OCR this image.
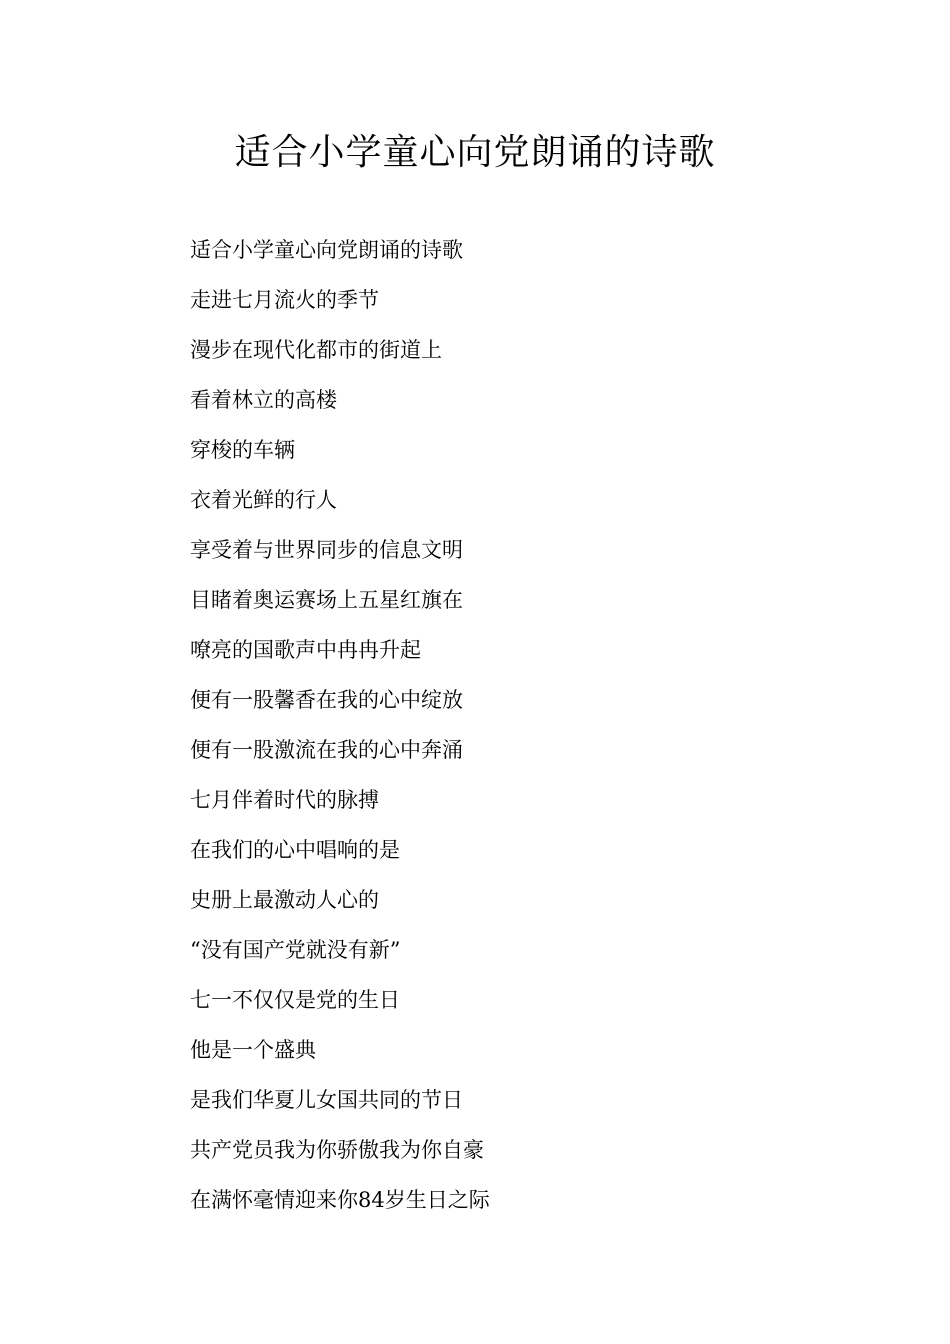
适合小学童心向党朗诵的诗歌
适合小学童心向党朗诵的诗歌
走进七月流火的季节
漫步在现代化都市的街道上
看着林立的高楼
穿梭的车辆
衣着光鲜的行人
享受着与世界同步的信息文明
目睹着奥运赛场上五星红旗在
嘹亮的国歌声中冉冉升起
便有一股馨香在我的心中绽放
便有一股激流在我的心中奔涌
七月伴着时代的脉搏
在我们的心中唱响的是
史册上最激动人心的
“没有国产党就没有新”
七一不仅仅是党的生日
他是一个盛典
是我们华夏儿女国共同的节日
共产党员我为你骄傲我为你自豪
在满怀毫情迎来你84岁生日之际
